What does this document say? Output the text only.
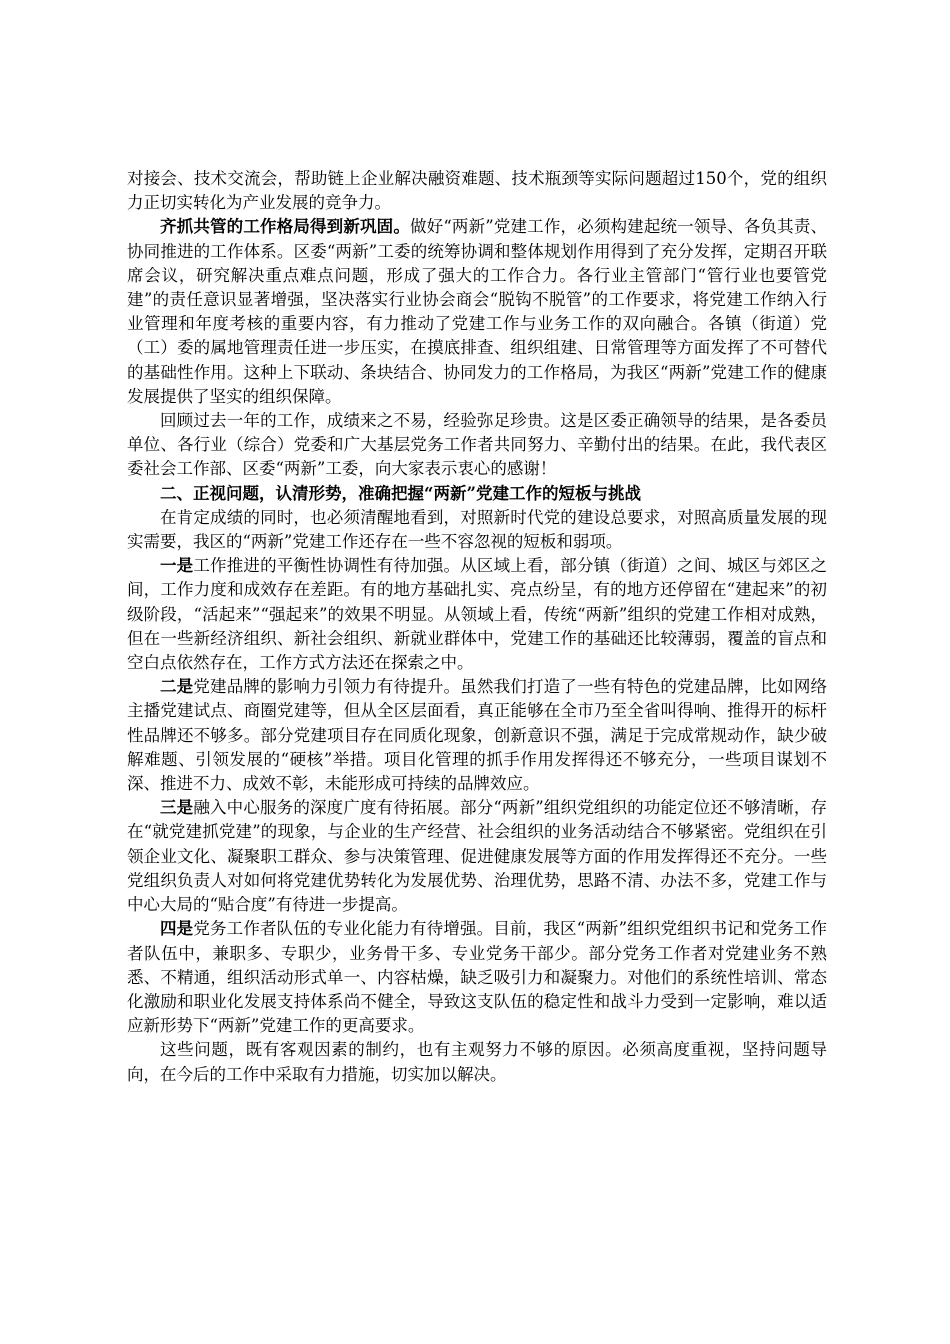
对接会、技术交流会，帮助链上企业解决融资难题、技术瓶颈等实际问题超过150个，党的组织力正切实转化为产业发展的竞争力。

齐抓共管的工作格局得到新巩固。做好“两新”党建工作，必须构建起统一领导、各负其责、协同推进的工作体系。区委“两新”工委的统筹协调和整体规划作用得到了充分发挥，定期召开联席会议，研究解决重点难点问题，形成了强大的工作合力。各行业主管部门“管行业也要管党建”的责任意识显著增强，坚决落实行业协会商会“脱钩不脱管”的工作要求，将党建工作纳入行业管理和年度考核的重要内容，有力推动了党建工作与业务工作的双向融合。各镇（街道）党（工）委的属地管理责任进一步压实，在摸底排查、组织组建、日常管理等方面发挥了不可替代的基础性作用。这种上下联动、条块结合、协同发力的工作格局，为我区“两新”党建工作的健康发展提供了坚实的组织保障。

回顾过去一年的工作，成绩来之不易，经验弥足珍贵。这是区委正确领导的结果，是各委员单位、各行业（综合）党委和广大基层党务工作者共同努力、辛勤付出的结果。在此，我代表区委社会工作部、区委“两新”工委，向大家表示衷心的感谢！

二、正视问题，认清形势，准确把握“两新”党建工作的短板与挑战

在肯定成绩的同时，也必须清醒地看到，对照新时代党的建设总要求，对照高质量发展的现实需要，我区的“两新”党建工作还存在一些不容忽视的短板和弱项。

一是工作推进的平衡性协调性有待加强。从区域上看，部分镇（街道）之间、城区与郊区之间，工作力度和成效存在差距。有的地方基础扎实、亮点纷呈，有的地方还停留在“建起来”的初级阶段，“活起来”“强起来”的效果不明显。从领域上看，传统“两新”组织的党建工作相对成熟，但在一些新经济组织、新社会组织、新就业群体中，党建工作的基础还比较薄弱，覆盖的盲点和空白点依然存在，工作方式方法还在探索之中。

二是党建品牌的影响力引领力有待提升。虽然我们打造了一些有特色的党建品牌，比如网络主播党建试点、商圈党建等，但从全区层面看，真正能够在全市乃至全省叫得响、推得开的标杆性品牌还不够多。部分党建项目存在同质化现象，创新意识不强，满足于完成常规动作，缺少破解难题、引领发展的“硬核”举措。项目化管理的抓手作用发挥得还不够充分，一些项目谋划不深、推进不力、成效不彰，未能形成可持续的品牌效应。

三是融入中心服务的深度广度有待拓展。部分“两新”组织党组织的功能定位还不够清晰，存在“就党建抓党建”的现象，与企业的生产经营、社会组织的业务活动结合不够紧密。党组织在引领企业文化、凝聚职工群众、参与决策管理、促进健康发展等方面的作用发挥得还不充分。一些党组织负责人对如何将党建优势转化为发展优势、治理优势，思路不清、办法不多，党建工作与中心大局的“贴合度”有待进一步提高。

四是党务工作者队伍的专业化能力有待增强。目前，我区“两新”组织党组织书记和党务工作者队伍中，兼职多、专职少，业务骨干多、专业党务干部少。部分党务工作者对党建业务不熟悉、不精通，组织活动形式单一、内容枯燥，缺乏吸引力和凝聚力。对他们的系统性培训、常态化激励和职业化发展支持体系尚不健全，导致这支队伍的稳定性和战斗力受到一定影响，难以适应新形势下“两新”党建工作的更高要求。

这些问题，既有客观因素的制约，也有主观努力不够的原因。必须高度重视，坚持问题导向，在今后的工作中采取有力措施，切实加以解决。
